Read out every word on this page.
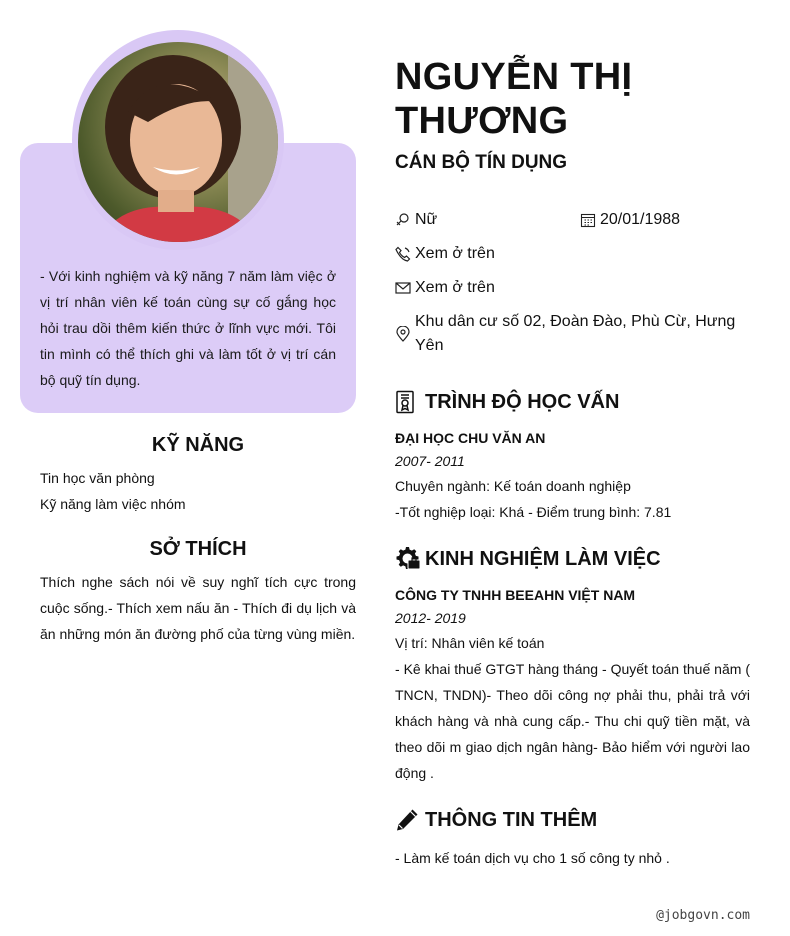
- Với kinh nghiệm và kỹ năng 7 năm làm việc ở vị trí nhân viên kế toán cùng sự cố gắng học hỏi trau dồi thêm kiến thức ở lĩnh vực mới. Tôi tin mình có thể thích ghi và làm tốt ở vị trí cán bộ quỹ tín dụng.
KỸ NĂNG
Tin học văn phòng
Kỹ năng làm việc nhóm
SỞ THÍCH
Thích nghe sách nói về suy nghĩ tích cực trong cuộc sống.- Thích xem nấu ăn - Thích đi dụ lịch và ăn những món ăn đường phố của từng vùng miền.
NGUYỄN THỊ THƯƠNG
CÁN BỘ TÍN DỤNG
Nữ	20/01/1988
Xem ở trên
Xem ở trên
Khu dân cư số 02, Đoàn Đào, Phù Cừ, Hưng Yên
TRÌNH ĐỘ HỌC VẤN
ĐẠI HỌC CHU VĂN AN
2007- 2011
Chuyên ngành: Kế toán doanh nghiệp
-Tốt nghiệp loại: Khá - Điểm trung bình: 7.81
KINH NGHIỆM LÀM VIỆC
CÔNG TY TNHH BEEAHN VIỆT NAM
2012- 2019
Vị trí: Nhân viên kế toán
- Kê khai thuế GTGT hàng tháng - Quyết toán thuế năm ( TNCN, TNDN)- Theo dõi công nợ phải thu, phải trả với khách hàng và nhà cung cấp.- Thu chi quỹ tiền mặt, và theo dõi m giao dịch ngân hàng- Bảo hiểm với người lao động .
THÔNG TIN THÊM
- Làm kế toán dịch vụ cho 1 số công ty nhỏ .
@jobgovn.com
